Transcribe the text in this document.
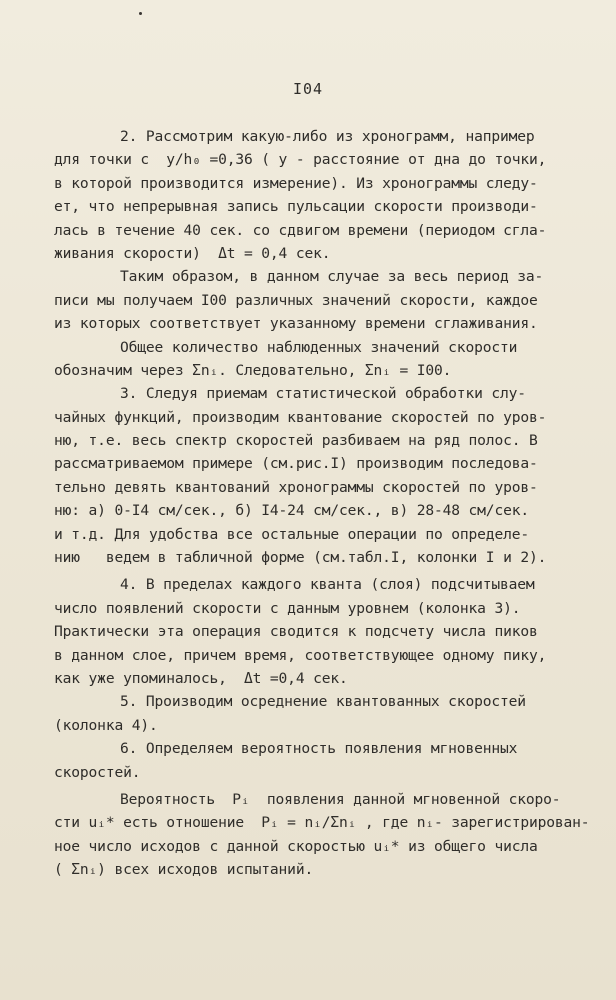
I04
2. Рассмотрим какую-либо из хронограмм, например
для точки с  y/h₀ =0,36 ( y - расстояние от дна до точки,
в которой производится измерение). Из хронограммы следу-
ет, что непрерывная запись пульсации скорости производи-
лась в течение 40 сек. со сдвигом времени (периодом сгла-
живания скорости)  Δt = 0,4 сек.
Таким образом, в данном случае за весь период за-
писи мы получаем I00 различных значений скорости, каждое
из которых соответствует указанному времени сглаживания.
Общее количество наблюденных значений скорости
обозначим через Σnᵢ. Следовательно, Σnᵢ = I00.
3. Следуя приемам статистической обработки слу-
чайных функций, производим квантование скоростей по уров-
ню, т.е. весь спектр скоростей разбиваем на ряд полос. В
рассматриваемом примере (см.рис.I) производим последова-
тельно девять квантований хронограммы скоростей по уров-
ню: а) 0-I4 см/сек., б) I4-24 см/сек., в) 28-48 см/сек.
и т.д. Для удобства все остальные операции по определе-
нию   ведем в табличной форме (см.табл.I, колонки I и 2).
4. В пределах каждого кванта (слоя) подсчитываем
число появлений скорости с данным уровнем (колонка 3).
Практически эта операция сводится к подсчету числа пиков
в данном слое, причем время, соответствующее одному пику,
как уже упоминалось,  Δt =0,4 сек.
5. Производим осреднение квантованных скоростей
(колонка 4).
6. Определяем вероятность появления мгновенных
скоростей.
Вероятность  Pᵢ  появления данной мгновенной скоро-
сти uᵢ* есть отношение  Pᵢ = nᵢ/Σnᵢ , где nᵢ- зарегистрирован-
ное число исходов с данной скоростью uᵢ* из общего числа
( Σnᵢ) всех исходов испытаний.
